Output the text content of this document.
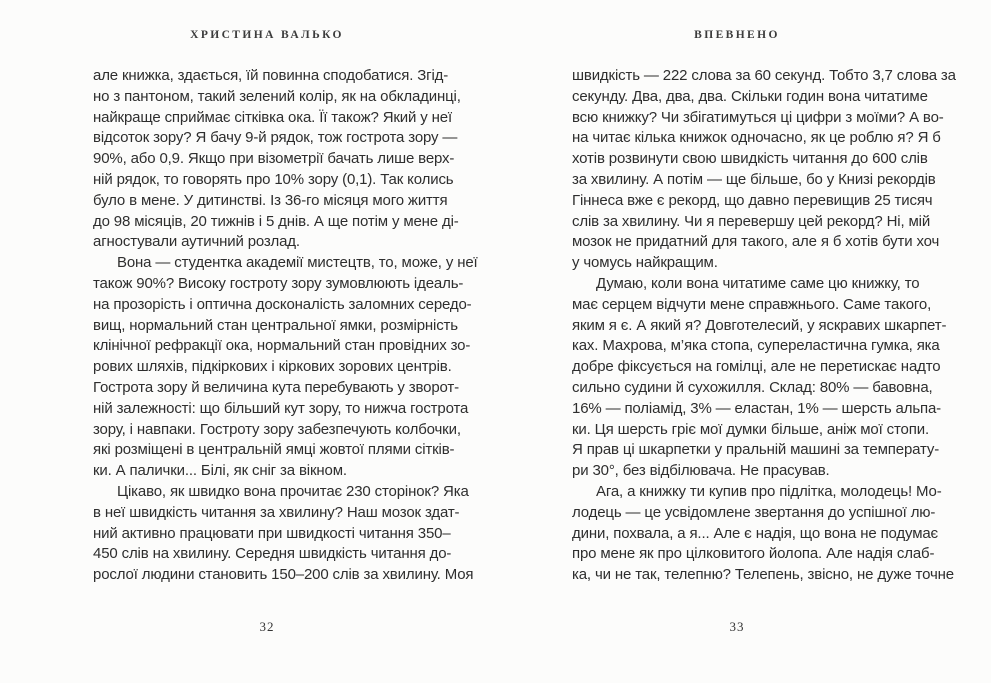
ХРИСТИНА ВАЛЬКО
але книжка, здається, їй повинна сподобатися. Згід-
но з пантоном, такий зелений колір, як на обкладинці,
найкраще сприймає сітківка ока. Її також? Який у неї
відсоток зору? Я бачу 9-й рядок, тож гострота зору —
90%, або 0,9. Якщо при візометрії бачать лише верх-
ній рядок, то говорять про 10% зору (0,1). Так колись
було в мене. У дитинстві. Із 36-го місяця мого життя
до 98 місяців, 20 тижнів і 5 днів. А ще потім у мене ді-
агностували аутичний розлад.
Вона — студентка академії мистецтв, то, може, у неї
також 90%? Високу гостроту зору зумовлюють ідеаль-
на прозорість і оптична досконалість заломних середо-
вищ, нормальний стан центральної ямки, розмірність
клінічної рефракції ока, нормальний стан провідних зо-
рових шляхів, підкіркових і кіркових зорових центрів.
Гострота зору й величина кута перебувають у зворот-
ній залежності: що більший кут зору, то нижча гострота
зору, і навпаки. Гостроту зору забезпечують колбочки,
які розміщені в центральній ямці жовтої плями сітків-
ки. А палички... Білі, як сніг за вікном.
Цікаво, як швидко вона прочитає 230 сторінок? Яка
в неї швидкість читання за хвилину? Наш мозок здат-
ний активно працювати при швидкості читання 350–
450 слів на хвилину. Середня швидкість читання до-
рослої людини становить 150–200 слів за хвилину. Моя
32
ВПЕВНЕНО
швидкість — 222 слова за 60 секунд. Тобто 3,7 слова за
секунду. Два, два, два. Скільки годин вона читатиме
всю книжку? Чи збігатимуться ці цифри з моїми? А во-
на читає кілька книжок одночасно, як це роблю я? Я б
хотів розвинути свою швидкість читання до 600 слів
за хвилину. А потім — ще більше, бо у Книзі рекордів
Гіннеса вже є рекорд, що давно перевищив 25 тисяч
слів за хвилину. Чи я перевершу цей рекорд? Ні, мій
мозок не придатний для такого, але я б хотів бути хоч
у чомусь найкращим.
Думаю, коли вона читатиме саме цю книжку, то
має серцем відчути мене справжнього. Саме такого,
яким я є. А який я? Довготелесий, у яскравих шкарпет-
ках. Махрова, м’яка стопа, супереластична гумка, яка
добре фіксується на гомілці, але не перетискає надто
сильно судини й сухожилля. Склад: 80% — бавовна,
16% — поліамід, 3% — еластан, 1% — шерсть альпа-
ки. Ця шерсть гріє мої думки більше, аніж мої стопи.
Я прав ці шкарпетки у пральній машині за температу-
ри 30°, без відбілювача. Не прасував.
Ага, а книжку ти купив про підлітка, молодець! Мо-
лодець — це усвідомлене звертання до успішної лю-
дини, похвала, а я... Але є надія, що вона не подумає
про мене як про цілковитого йолопа. Але надія слаб-
ка, чи не так, телепню? Телепень, звісно, не дуже точне
33
